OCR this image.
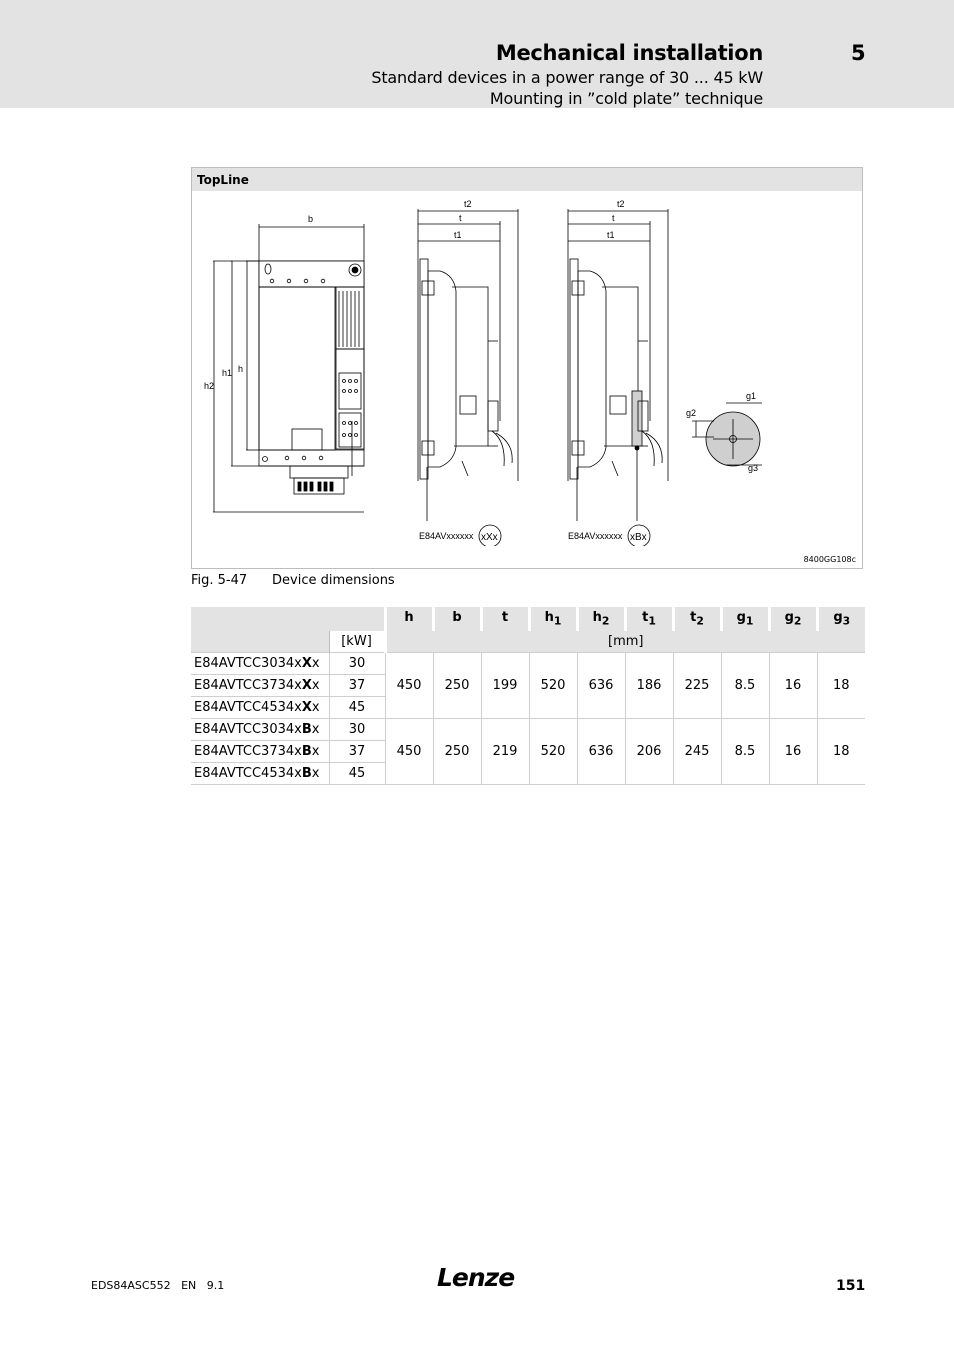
Mechanical installation	5
Standard devices in a power range of 30 ... 45 kW
Mounting in ”cold plate” technique
TopLine
b
h
h1
h2
t2
t
t1
t2
t
t1
g1
g2
g3
E84AVxxxxxx xXx	E84AVxxxxxx xBx
8400GG108c
Fig. 5-47 Device dimensions
		h	b	t	$h_1$	$h_2$	$t_1$	$t_2$	$g_1$	$g_2$	$g_3$
	[kW]	[mm]									
E84AVTCC3034xXx	30	450	250	199	520	636	186	225	8.5	16	18
E84AVTCC3734xXx	37										
E84AVTCC4534xXx	45										
E84AVTCC3034xBx	30	450	250	219	520	636	206	245	8.5	16	18
E84AVTCC3734xBx	37										
E84AVTCC4534xBx	45										
EDS84ASC552 EN 9.1	Lenze	151
